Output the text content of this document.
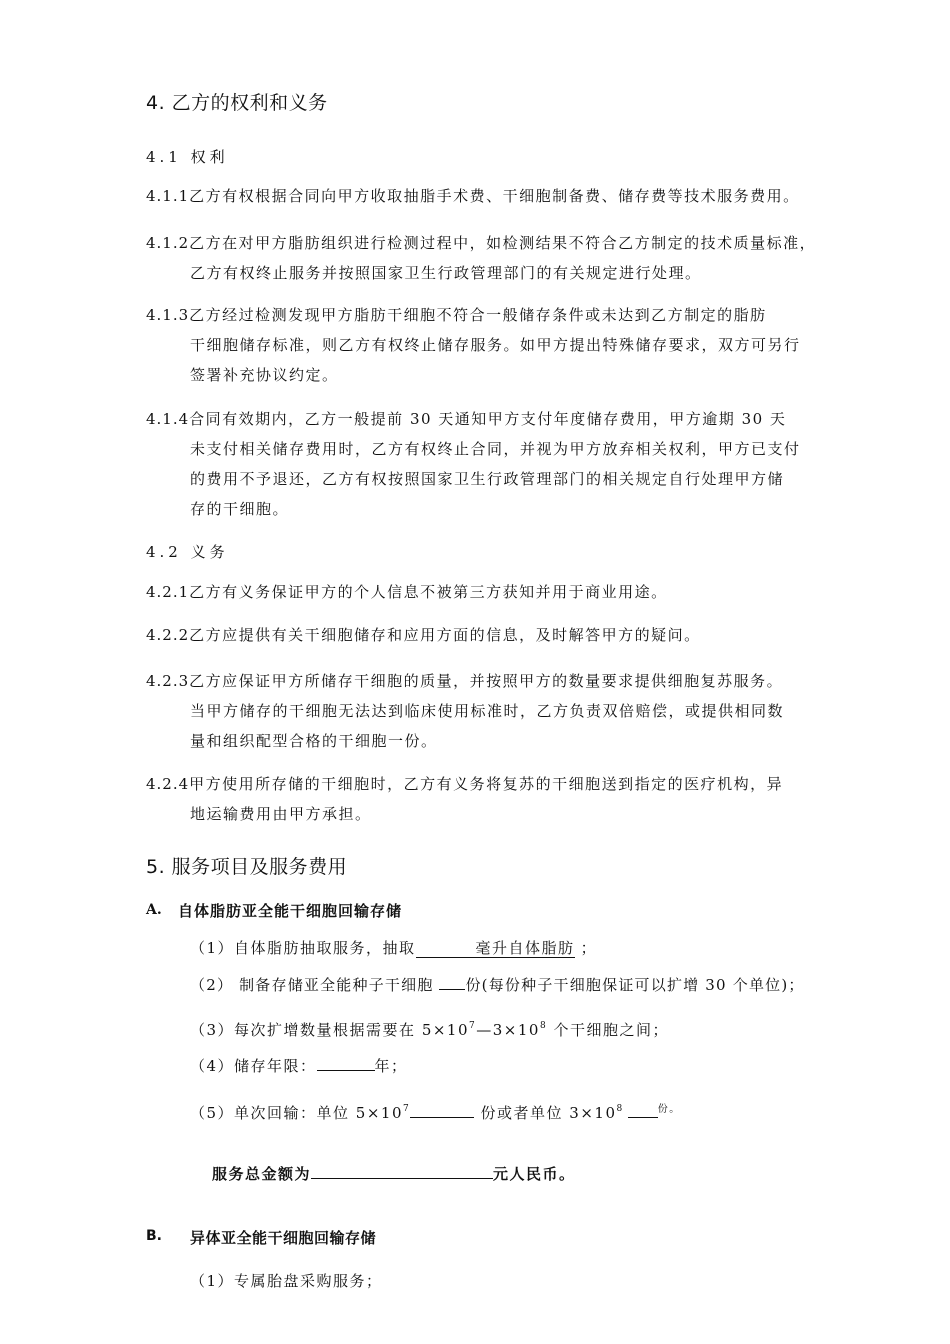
4. 乙方的权利和义务
4.1 权利
4.1.1乙方有权根据合同向甲方收取抽脂手术费、干细胞制备费、储存费等技术服务费用。
4.1.2乙方在对甲方脂肪组织进行检测过程中，如检测结果不符合乙方制定的技术质量标准，
乙方有权终止服务并按照国家卫生行政管理部门的有关规定进行处理。
4.1.3乙方经过检测发现甲方脂肪干细胞不符合一般储存条件或未达到乙方制定的脂肪
干细胞储存标准，则乙方有权终止储存服务。如甲方提出特殊储存要求，双方可另行
签署补充协议约定。
4.1.4合同有效期内，乙方一般提前 30 天通知甲方支付年度储存费用，甲方逾期 30 天
未支付相关储存费用时，乙方有权终止合同，并视为甲方放弃相关权利，甲方已支付
的费用不予退还，乙方有权按照国家卫生行政管理部门的相关规定自行处理甲方储
存的干细胞。
4.2 义务
4.2.1乙方有义务保证甲方的个人信息不被第三方获知并用于商业用途。
4.2.2乙方应提供有关干细胞储存和应用方面的信息，及时解答甲方的疑问。
4.2.3乙方应保证甲方所储存干细胞的质量，并按照甲方的数量要求提供细胞复苏服务。
当甲方储存的干细胞无法达到临床使用标准时，乙方负责双倍赔偿，或提供相同数
量和组织配型合格的干细胞一份。
4.2.4甲方使用所存储的干细胞时，乙方有义务将复苏的干细胞送到指定的医疗机构，异
地运输费用由甲方承担。
5. 服务项目及服务费用
A. 自体脂肪亚全能干细胞回输存储
（1）自体脂肪抽取服务，抽取	毫升自体脂肪 ；
（2） 制备存储亚全能种子干细胞 份(每份种子干细胞保证可以扩增 30 个单位)；
（3）每次扩增数量根据需要在 $5\times 10^7—3\times 10^8$ 个干细胞之间；
（4）储存年限：	年；
（5）单次回输：单位 $5\times 10^7$	份或者单位 $3\times 10^8$	$^{份。}$
服务总金额为	元人民币。
B. 异体亚全能干细胞回输存储
（1）专属胎盘采购服务；
